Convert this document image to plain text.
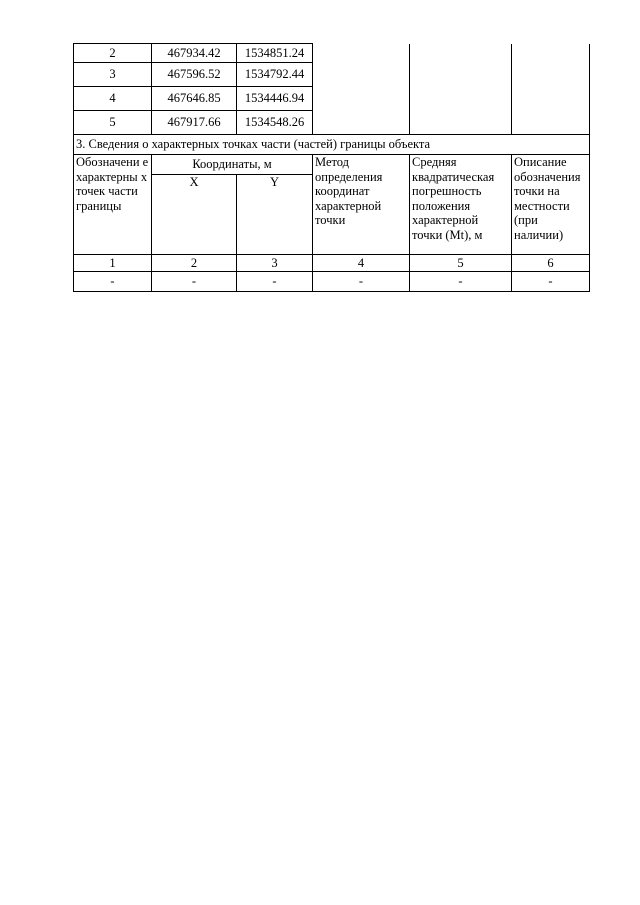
2	467934.42	1534851.24			
3	467596.52	1534792.44			
4	467646.85	1534446.94			
5	467917.66	1534548.26			
3. Сведения о характерных точках части (частей) границы объекта					
Обозначени е характерны х точек части границы	Координаты, м		Метод определения координат характерной точки	Средняя квадратическая погрешность положения характерной точки (Mt), м	Описание обозначения точки на местности (при наличии)
	X	Y			
1	2	3	4	5	6
-	-	-	-	-	-
